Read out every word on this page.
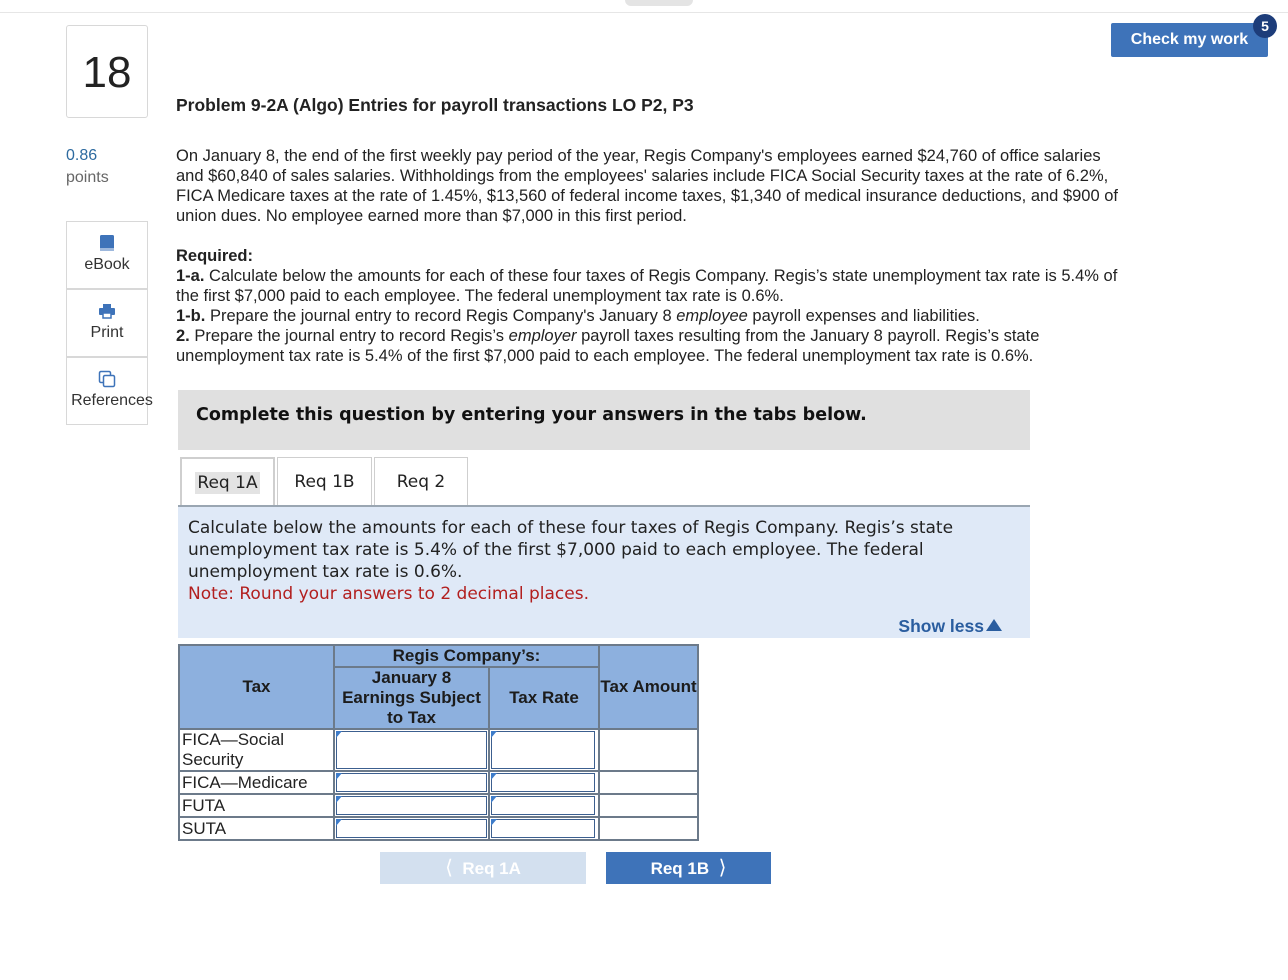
Check my work
5
18
0.86
points
eBook
Print
References
Problem 9-2A (Algo) Entries for payroll transactions LO P2, P3
On January 8, the end of the first weekly pay period of the year, Regis Company's employees earned $24,760 of office salaries and $60,840 of sales salaries. Withholdings from the employees' salaries include FICA Social Security taxes at the rate of 6.2%, FICA Medicare taxes at the rate of 1.45%, $13,560 of federal income taxes, $1,340 of medical insurance deductions, and $900 of union dues. No employee earned more than $7,000 in this first period.
Required:
1-a. Calculate below the amounts for each of these four taxes of Regis Company. Regis’s state unemployment tax rate is 5.4% of the first $7,000 paid to each employee. The federal unemployment tax rate is 0.6%.
1-b. Prepare the journal entry to record Regis Company's January 8 employee payroll expenses and liabilities.
2. Prepare the journal entry to record Regis’s employer payroll taxes resulting from the January 8 payroll. Regis’s state unemployment tax rate is 5.4% of the first $7,000 paid to each employee. The federal unemployment tax rate is 0.6%.
Complete this question by entering your answers in the tabs below.
Req 1A	Req 1B	Req 2
Calculate below the amounts for each of these four taxes of Regis Company. Regis’s state unemployment tax rate is 5.4% of the first $7,000 paid to each employee. The federal unemployment tax rate is 0.6%.
Note: Round your answers to 2 decimal places.
Show less
Tax	Regis Company’s:		Tax Amount
	January 8 Earnings Subject to Tax	Tax Rate	
FICA—Social Security	

FICA—Medicare	

FUTA	

SUTA	

⟨ Req 1A	Req 1B ⟩
